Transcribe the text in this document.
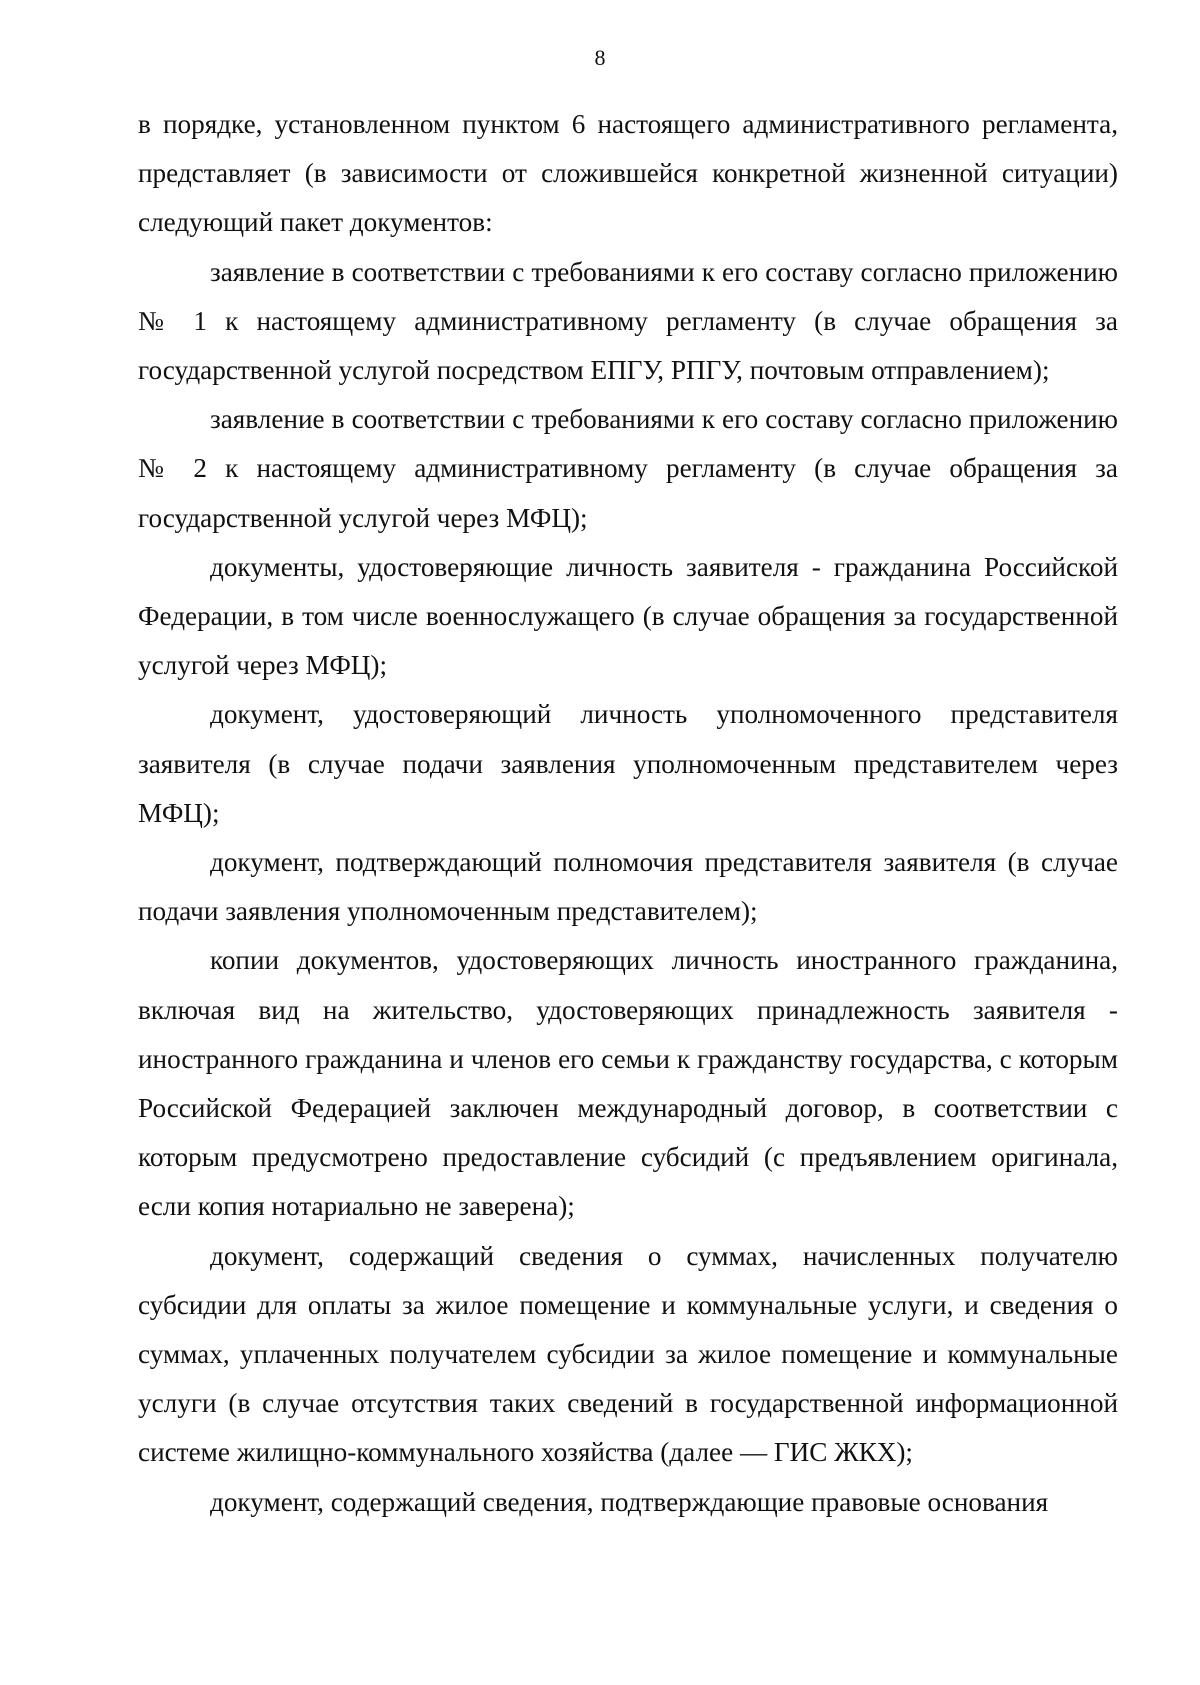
8

в порядке, установленном пунктом 6 настоящего административного регламента, представляет (в зависимости от сложившейся конкретной жизненной ситуации) следующий пакет документов:

заявление в соответствии с требованиями к его составу согласно приложению № 1 к настоящему административному регламенту (в случае обращения за государственной услугой посредством ЕПГУ, РПГУ, почтовым отправлением);

заявление в соответствии с требованиями к его составу согласно приложению № 2 к настоящему административному регламенту (в случае обращения за государственной услугой через МФЦ);

документы, удостоверяющие личность заявителя - гражданина Российской Федерации, в том числе военнослужащего (в случае обращения за государственной услугой через МФЦ);

документ, удостоверяющий личность уполномоченного представителя заявителя (в случае подачи заявления уполномоченным представителем через МФЦ);

документ, подтверждающий полномочия представителя заявителя (в случае подачи заявления уполномоченным представителем);

копии документов, удостоверяющих личность иностранного гражданина, включая вид на жительство, удостоверяющих принадлежность заявителя - иностранного гражданина и членов его семьи к гражданству государства, с которым Российской Федерацией заключен международный договор, в соответствии с которым предусмотрено предоставление субсидий (с предъявлением оригинала, если копия нотариально не заверена);

документ, содержащий сведения о суммах, начисленных получателю субсидии для оплаты за жилое помещение и коммунальные услуги, и сведения о суммах, уплаченных получателем субсидии за жилое помещение и коммунальные услуги (в случае отсутствия таких сведений в государственной информационной системе жилищно-коммунального хозяйства (далее — ГИС ЖКХ);

документ, содержащий сведения, подтверждающие правовые основания
